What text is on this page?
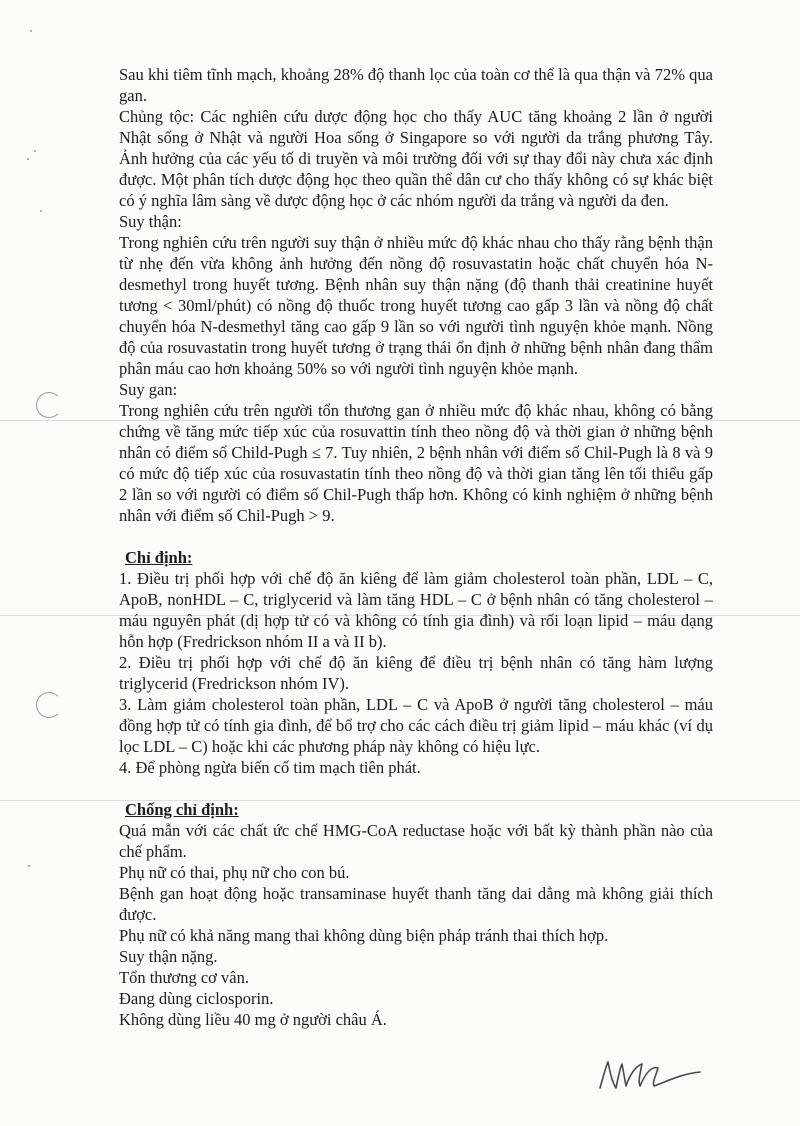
Sau khi tiêm tĩnh mạch, khoảng 28% độ thanh lọc của toàn cơ thể là qua thận và 72% qua gan.

Chủng tộc: Các nghiên cứu dược động học cho thấy AUC tăng khoảng 2 lần ở người Nhật sống ở Nhật và người Hoa sống ở Singapore so với người da trắng phương Tây. Ảnh hưởng của các yếu tố di truyền và môi trường đối với sự thay đổi này chưa xác định được. Một phân tích dược động học theo quần thể dân cư cho thấy không có sự khác biệt có ý nghĩa lâm sàng về dược động học ở các nhóm người da trắng và người da đen.

Suy thận:

Trong nghiên cứu trên người suy thận ở nhiều mức độ khác nhau cho thấy rằng bệnh thận từ nhẹ đến vừa không ảnh hưởng đến nồng độ rosuvastatin hoặc chất chuyển hóa N-desmethyl trong huyết tương. Bệnh nhân suy thận nặng (độ thanh thải creatinine huyết tương < 30ml/phút) có nồng độ thuốc trong huyết tương cao gấp 3 lần và nồng độ chất chuyển hóa N-desmethyl tăng cao gấp 9 lần so với người tình nguyện khỏe mạnh. Nồng độ của rosuvastatin trong huyết tương ở trạng thái ổn định ở những bệnh nhân đang thẩm phân máu cao hơn khoảng 50% so với người tình nguyện khỏe mạnh.

Suy gan:

Trong nghiên cứu trên người tổn thương gan ở nhiều mức độ khác nhau, không có bằng chứng về tăng mức tiếp xúc của rosuvattin tính theo nồng độ và thời gian ở những bệnh nhân có điểm số Child-Pugh ≤ 7. Tuy nhiên, 2 bệnh nhân với điểm số Chil-Pugh là 8 và 9 có mức độ tiếp xúc của rosuvastatin tính theo nồng độ và thời gian tăng lên tối thiểu gấp 2 lần so với người có điểm số Chil-Pugh thấp hơn. Không có kinh nghiệm ở những bệnh nhân với điểm số Chil-Pugh > 9.

Chỉ định:

1. Điều trị phối hợp với chế độ ăn kiêng để làm giảm cholesterol toàn phần, LDL – C, ApoB, nonHDL – C, triglycerid và làm tăng HDL – C ở bệnh nhân có tăng cholesterol – máu nguyên phát (dị hợp tử có và không có tính gia đình) và rối loạn lipid – máu dạng hỗn hợp (Fredrickson nhóm II a và II b).

2. Điều trị phối hợp với chế độ ăn kiêng để điều trị bệnh nhân có tăng hàm lượng triglycerid (Fredrickson nhóm IV).

3. Làm giảm cholesterol toàn phần, LDL – C và ApoB ở người tăng cholesterol – máu đồng hợp tử có tính gia đình, để bổ trợ cho các cách điều trị giảm lipid – máu khác (ví dụ lọc LDL – C) hoặc khi các phương pháp này không có hiệu lực.

4. Để phòng ngừa biến cố tim mạch tiên phát.

Chống chỉ định:

Quá mẫn với các chất ức chế HMG-CoA reductase hoặc với bất kỳ thành phần nào của chế phẩm.

Phụ nữ có thai, phụ nữ cho con bú.

Bệnh gan hoạt động hoặc transaminase huyết thanh tăng dai dẳng mà không giải thích được.

Phụ nữ có khả năng mang thai không dùng biện pháp tránh thai thích hợp.

Suy thận nặng.

Tổn thương cơ vân.

Đang dùng ciclosporin.

Không dùng liều 40 mg ở người châu Á.
